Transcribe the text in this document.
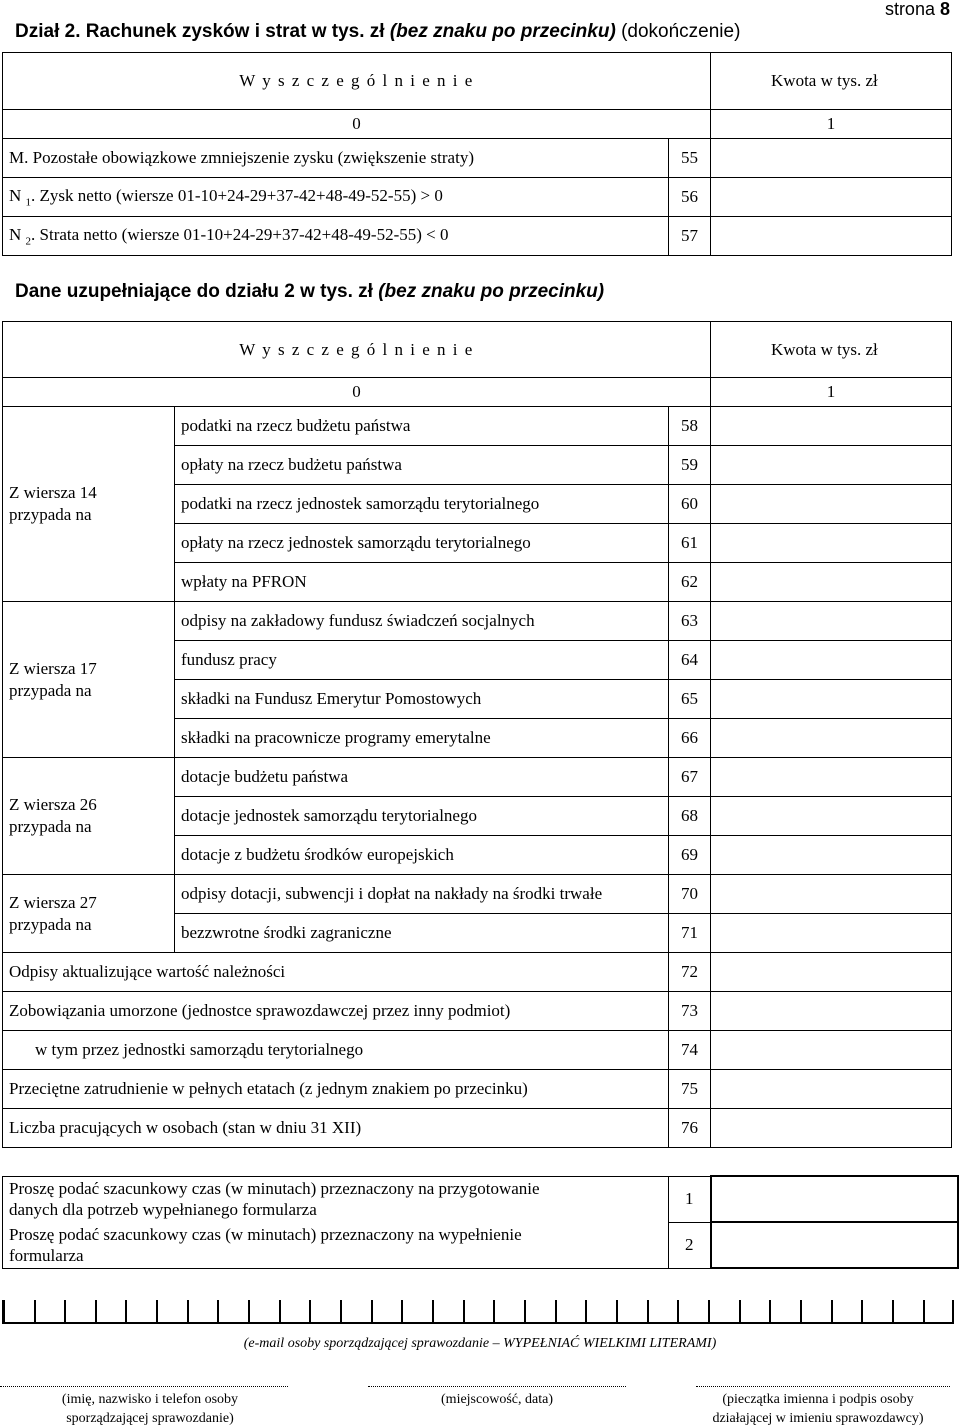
Dział 2. Rachunek zysków i strat w tys. zł (bez znaku po przecinku) (dokończenie)
strona 8
W y s z c z e g ó l n i e n i e		Kwota w tys. zł
0		1
M. Pozostałe obowiązkowe zmniejszenie zysku (zwiększenie straty)	55	
N $_1$. Zysk netto (wiersze 01-10+24-29+37-42+48-49-52-55) > 0	56	
N $_2$. Strata netto (wiersze 01-10+24-29+37-42+48-49-52-55) < 0	57	
Dane uzupełniające do działu 2 w tys. zł (bez znaku po przecinku)
W y s z c z e g ó l n i e n i e			Kwota w tys. zł
0			1
Z wiersza 14
przypada na	podatki na rzecz budżetu państwa	58	
	opłaty na rzecz budżetu państwa	59	
	podatki na rzecz jednostek samorządu terytorialnego	60	
	opłaty na rzecz jednostek samorządu terytorialnego	61	
	wpłaty na PFRON	62	
Z wiersza 17
przypada na	odpisy na zakładowy fundusz świadczeń socjalnych	63	
	fundusz pracy	64	
	składki na Fundusz Emerytur Pomostowych	65	
	składki na pracownicze programy emerytalne	66	
Z wiersza 26
przypada na	dotacje budżetu państwa	67	
	dotacje jednostek samorządu terytorialnego	68	
	dotacje z budżetu środków europejskich	69	
Z wiersza 27
przypada na	odpisy dotacji, subwencji i dopłat na nakłady na środki trwałe	70	
	bezzwrotne środki zagraniczne	71	
Odpisy aktualizujące wartość należności		72	
Zobowiązania umorzone (jednostce sprawozdawczej przez inny podmiot)		73	
w tym przez jednostki samorządu terytorialnego		74	
Przeciętne zatrudnienie w pełnych etatach (z jednym znakiem po przecinku)		75	
Liczba pracujących w osobach (stan w dniu 31 XII)		76	
Proszę podać szacunkowy czas (w minutach) przeznaczony na przygotowanie
danych dla potrzeb wypełnianego formularza	1	
Proszę podać szacunkowy czas (w minutach) przeznaczony na wypełnienie
formularza	2	
(e-mail osoby sporządzającej sprawozdanie – WYPEŁNIAĆ WIELKIMI LITERAMI)
(imię, nazwisko i telefon osoby
sporządzającej sprawozdanie)
(miejscowość, data)	(pieczątka imienna i podpis osoby
działającej w imieniu sprawozdawcy)
